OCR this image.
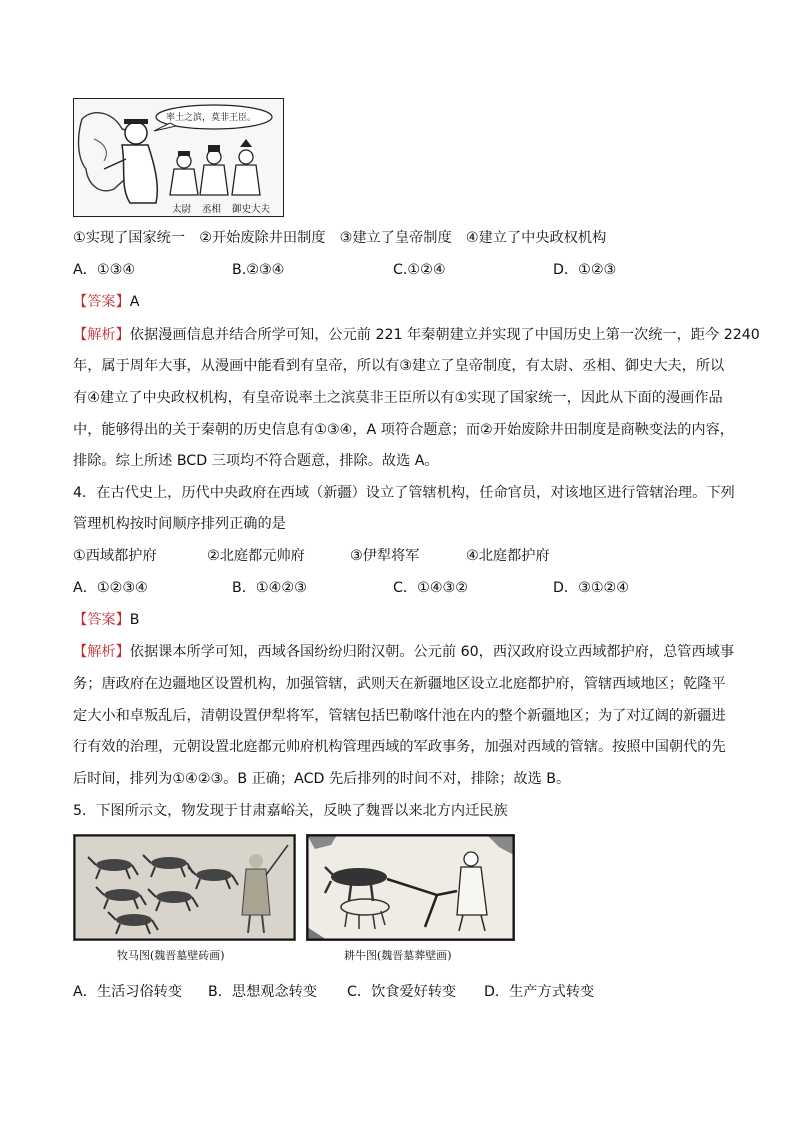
率土之滨，莫非王臣。
太尉 丞相 御史大夫
①实现了国家统一　②开始废除井田制度　③建立了皇帝制度　④建立了中央政权机构
A．①③④	B.②③④	C.①②④	D．①②③
【答案】A
【解析】依据漫画信息并结合所学可知，公元前 221 年秦朝建立并实现了中国历史上第一次统一，距今 2240
年，属于周年大事，从漫画中能看到有皇帝，所以有③建立了皇帝制度，有太尉、丞相、御史大夫，所以
有④建立了中央政权机构，有皇帝说率土之滨莫非王臣所以有①实现了国家统一，因此从下面的漫画作品
中，能够得出的关于秦朝的历史信息有①③④，A 项符合题意；而②开始废除井田制度是商鞅变法的内容，
排除。综上所述 BCD 三项均不符合题意，排除。故选 A。
4．在古代史上，历代中央政府在西域（新疆）设立了管辖机构，任命官员，对该地区进行管辖治理。下列
管理机构按时间顺序排列正确的是
①西域都护府	②北庭都元帅府	③伊犁将军	④北庭都护府
A．①②③④	B．①④②③	C．①④③②	D．③①②④
【答案】B
【解析】依据课本所学可知，西域各国纷纷归附汉朝。公元前 60，西汉政府设立西域都护府，总管西域事
务；唐政府在边疆地区设置机构，加强管辖，武则天在新疆地区设立北庭都护府，管辖西域地区；乾隆平
定大小和卓叛乱后，清朝设置伊犁将军，管辖包括巴勒喀什池在内的整个新疆地区；为了对辽阔的新疆进
行有效的治理，元朝设置北庭都元帅府机构管理西域的军政事务，加强对西域的管辖。按照中国朝代的先
后时间，排列为①④②③。B 正确；ACD 先后排列的时间不对，排除；故选 B。
5．下图所示文，物发现于甘肃嘉峪关，反映了魏晋以来北方内迁民族
牧马图(魏晋墓壁砖画)	耕牛图(魏晋墓葬壁画)
A．生活习俗转变 B．思想观念转变 C．饮食爱好转变 D．生产方式转变
